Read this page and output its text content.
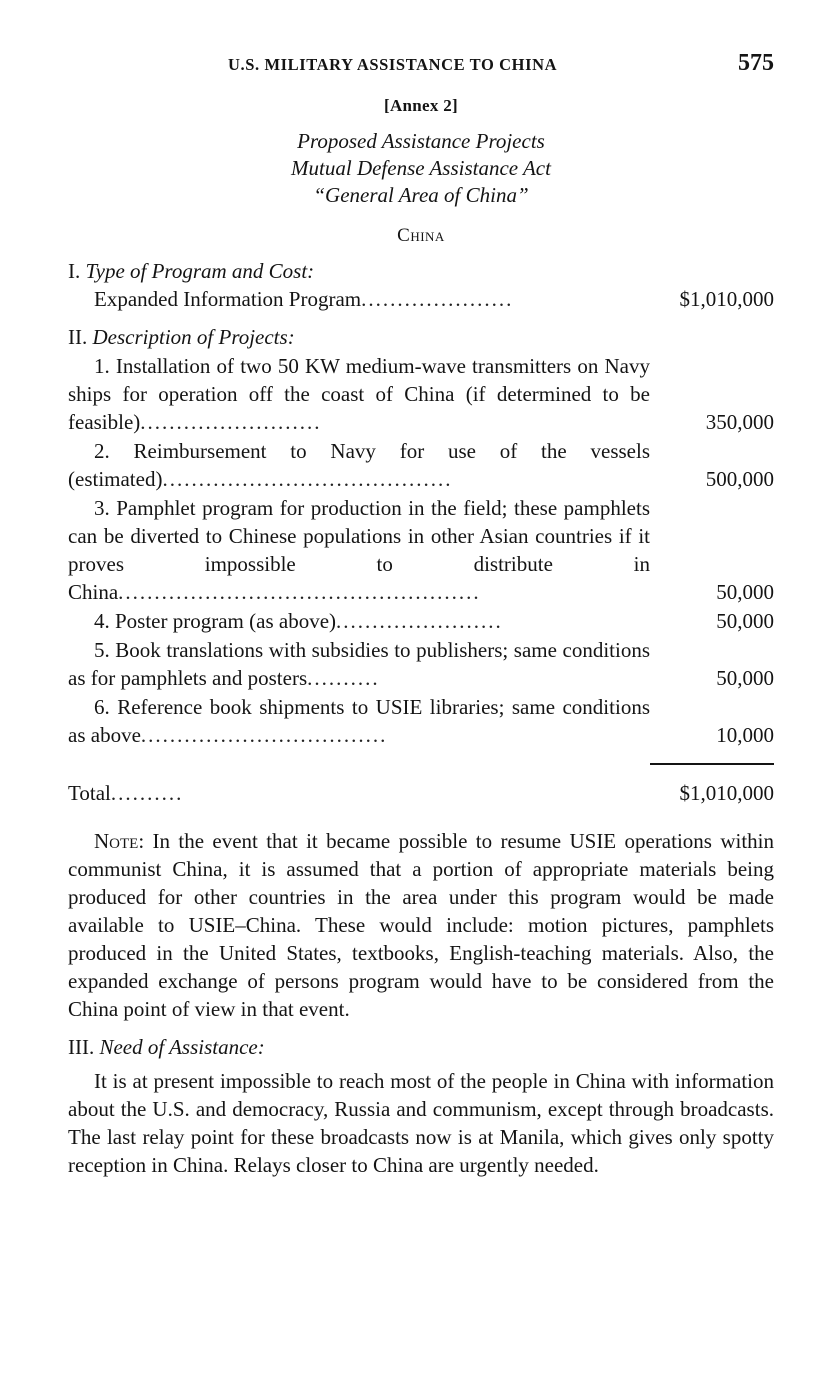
U.S. MILITARY ASSISTANCE TO CHINA	575
[Annex 2]
Proposed Assistance Projects
Mutual Defense Assistance Act
“General Area of China”
China
I. Type of Program and Cost:
Expanded Information Program.....................	$1,010,000
II. Description of Projects:
1. Installation of two 50 KW medium-wave transmitters on Navy ships for operation off the coast of China (if determined to be feasible).........................	350,000
2. Reimbursement to Navy for use of the vessels (estimated)........................................	500,000
3. Pamphlet program for production in the field; these pamphlets can be diverted to Chinese populations in other Asian countries if it proves impossible to distribute in China..................................................	50,000
4. Poster program (as above).......................	50,000
5. Book translations with subsidies to publishers; same conditions as for pamphlets and posters..........	50,000
6. Reference book shipments to USIE libraries; same conditions as above..................................	10,000
Total..........	$1,010,000
Note: In the event that it became possible to resume USIE operations within communist China, it is assumed that a portion of appropriate materials being produced for other countries in the area under this program would be made available to USIE–China. These would include: motion pictures, pamphlets produced in the United States, textbooks, English-teaching materials. Also, the expanded exchange of persons program would have to be considered from the China point of view in that event.
III. Need of Assistance:
It is at present impossible to reach most of the people in China with information about the U.S. and democracy, Russia and communism, except through broadcasts. The last relay point for these broadcasts now is at Manila, which gives only spotty reception in China. Relays closer to China are urgently needed.
